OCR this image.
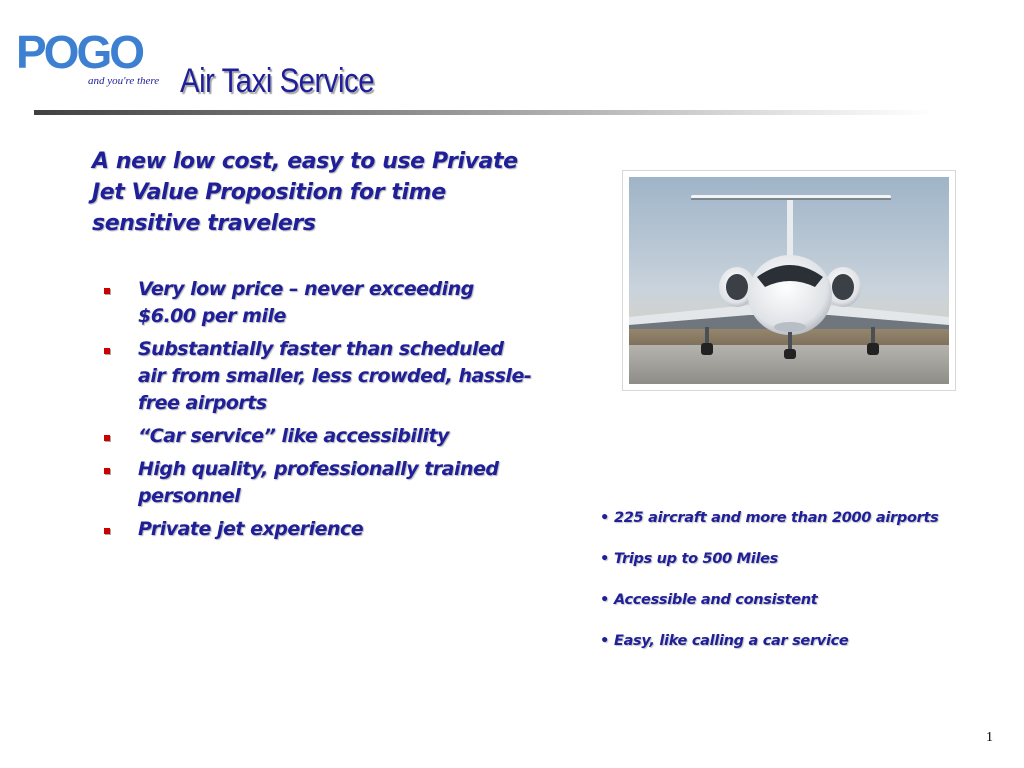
POGO
and you're there Air Taxi Service
A new low cost, easy to use Private Jet Value Proposition for time sensitive travelers
Very low price – never exceeding $6.00 per mile
Substantially faster than scheduled air from smaller, less crowded, hassle-free airports
“Car service” like accessibility
High quality, professionally trained personnel
Private jet experience	• 225 aircraft and more than 2000 airports
• Trips up to 500 Miles
• Accessible and consistent
• Easy, like calling a car service
1
